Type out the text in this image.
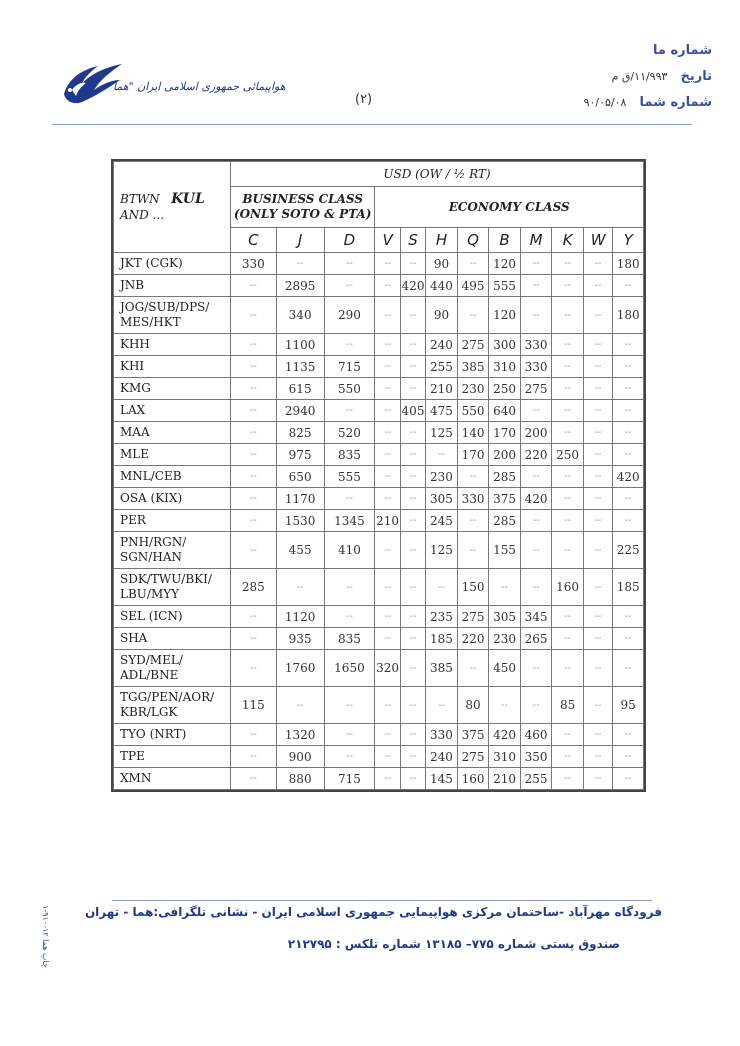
شماره ما
تاریخ ۱۱/۹۹۳/ق م
شماره شما ۹۰/۰۵/۰۸
هواپیمائی جمهوری اسلامی ایران "هما"
(۲)
BTWN KUL
AND ...	USD (OW / ½ RT)											
	BUSINESS CLASS
(ONLY SOTO & PTA)			ECONOMY CLASS								
	C	J	D	V	S	H	Q	B	M	K	W	Y
JKT (CGK)	330	--	--	--	--	90	--	120	--	--	--	180
JNB	--	2895	--	--	420	440	495	555	--	--	--	--
JOG/SUB/DPS/
MES/HKT	--	340	290	--	--	90	--	120	--	--	--	180
KHH	--	1100	--	--	--	240	275	300	330	--	--	--
KHI	--	1135	715	--	--	255	385	310	330	--	--	--
KMG	--	615	550	--	--	210	230	250	275	--	--	--
LAX	--	2940	--	--	405	475	550	640	--	--	--	--
MAA	--	825	520	--	--	125	140	170	200	--	--	--
MLE	--	975	835	--	--	--	170	200	220	250	--	--
MNL/CEB	--	650	555	--	--	230	--	285	--	--	--	420
OSA (KIX)	--	1170	--	--	--	305	330	375	420	--	--	--
PER	--	1530	1345	210	--	245	--	285	--	--	--	--
PNH/RGN/
SGN/HAN	--	455	410	--	--	125	--	155	--	--	--	225
SDK/TWU/BKI/
LBU/MYY	285	--	--	--	--	--	150	--	--	160	--	185
SEL (ICN)	--	1120	--	--	--	235	275	305	345	--	--	--
SHA	--	935	835	--	--	185	220	230	265	--	--	--
SYD/MEL/
ADL/BNE	--	1760	1650	320	--	385	--	450	--	--	--	--
TGG/PEN/AOR/
KBR/LGK	115	--	--	--	--	--	80	--	--	85	--	95
TYO (NRT)	--	1320	--	--	--	330	375	420	460	--	--	--
TPE	--	900	--	--	--	240	275	310	350	--	--	--
XMN	--	880	715	--	--	145	160	210	255	--	--	--
فرودگاه مهرآباد -ساختمان مرکزی هواپیمایی جمهوری اسلامی ایران - نشانی تلگرافی:هما - تهران
صندوق پستی شماره ۷۷۵– ۱۳۱۸۵ شماره تلکس : ۲۱۲۷۹۵
۱-۹۱۰-۱۲ چاپ هما
